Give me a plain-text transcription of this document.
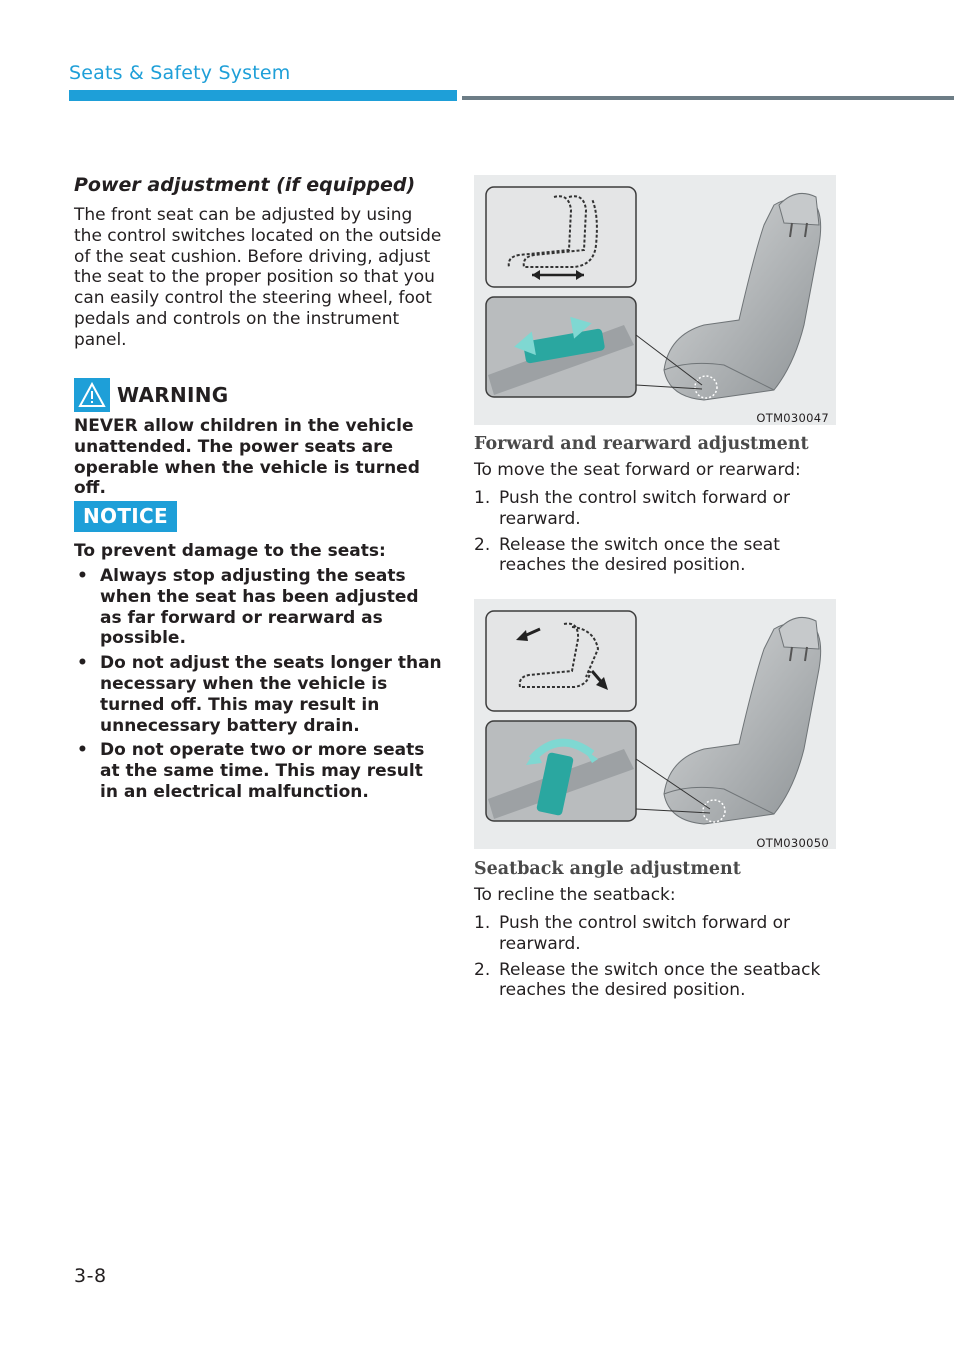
Seats & Safety System
Power adjustment (if equipped)
The front seat can be adjusted by using the control switches located on the outside of the seat cushion. Before driving, adjust the seat to the proper position so that you can easily control the steering wheel, foot pedals and controls on the instrument panel.
WARNING
NEVER allow children in the vehicle unattended. The power seats are operable when the vehicle is turned off.
NOTICE
To prevent damage to the seats:
• Always stop adjusting the seats when the seat has been adjusted as far forward or rearward as possible.
• Do not adjust the seats longer than necessary when the vehicle is turned off. This may result in unnecessary battery drain.
• Do not operate two or more seats at the same time. This may result in an electrical malfunction.
OTM030047
Forward and rearward adjustment
To move the seat forward or rearward:
1. Push the control switch forward or rearward.
2. Release the switch once the seat reaches the desired position.
OTM030050
Seatback angle adjustment
To recline the seatback:
1. Push the control switch forward or rearward.
2. Release the switch once the seatback reaches the desired position.
3-8
